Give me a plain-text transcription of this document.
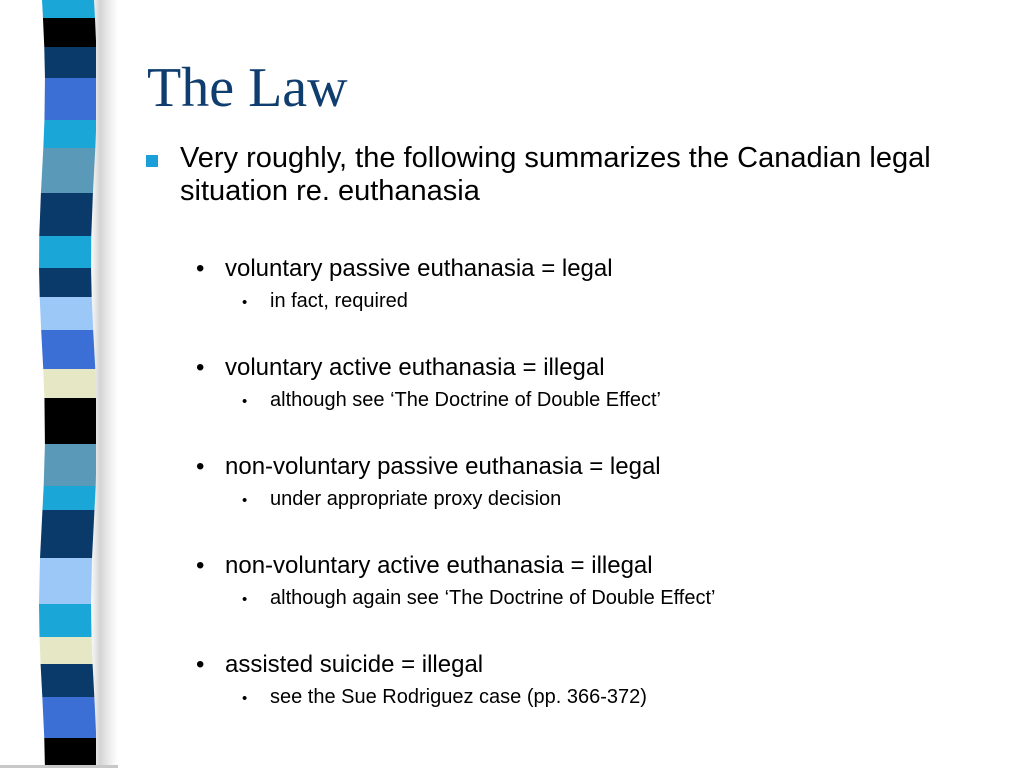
The Law
Very roughly, the following summarizes the Canadian legal situation re. euthanasia
• voluntary passive euthanasia = legal
•	in fact, required
• voluntary active euthanasia = illegal
•	although see ‘The Doctrine of Double Effect’
• non-voluntary passive euthanasia = legal
•	under appropriate proxy decision
• non-voluntary active euthanasia = illegal
•	although again see ‘The Doctrine of Double Effect’
• assisted suicide = illegal
•	see the Sue Rodriguez case (pp. 366-372)
